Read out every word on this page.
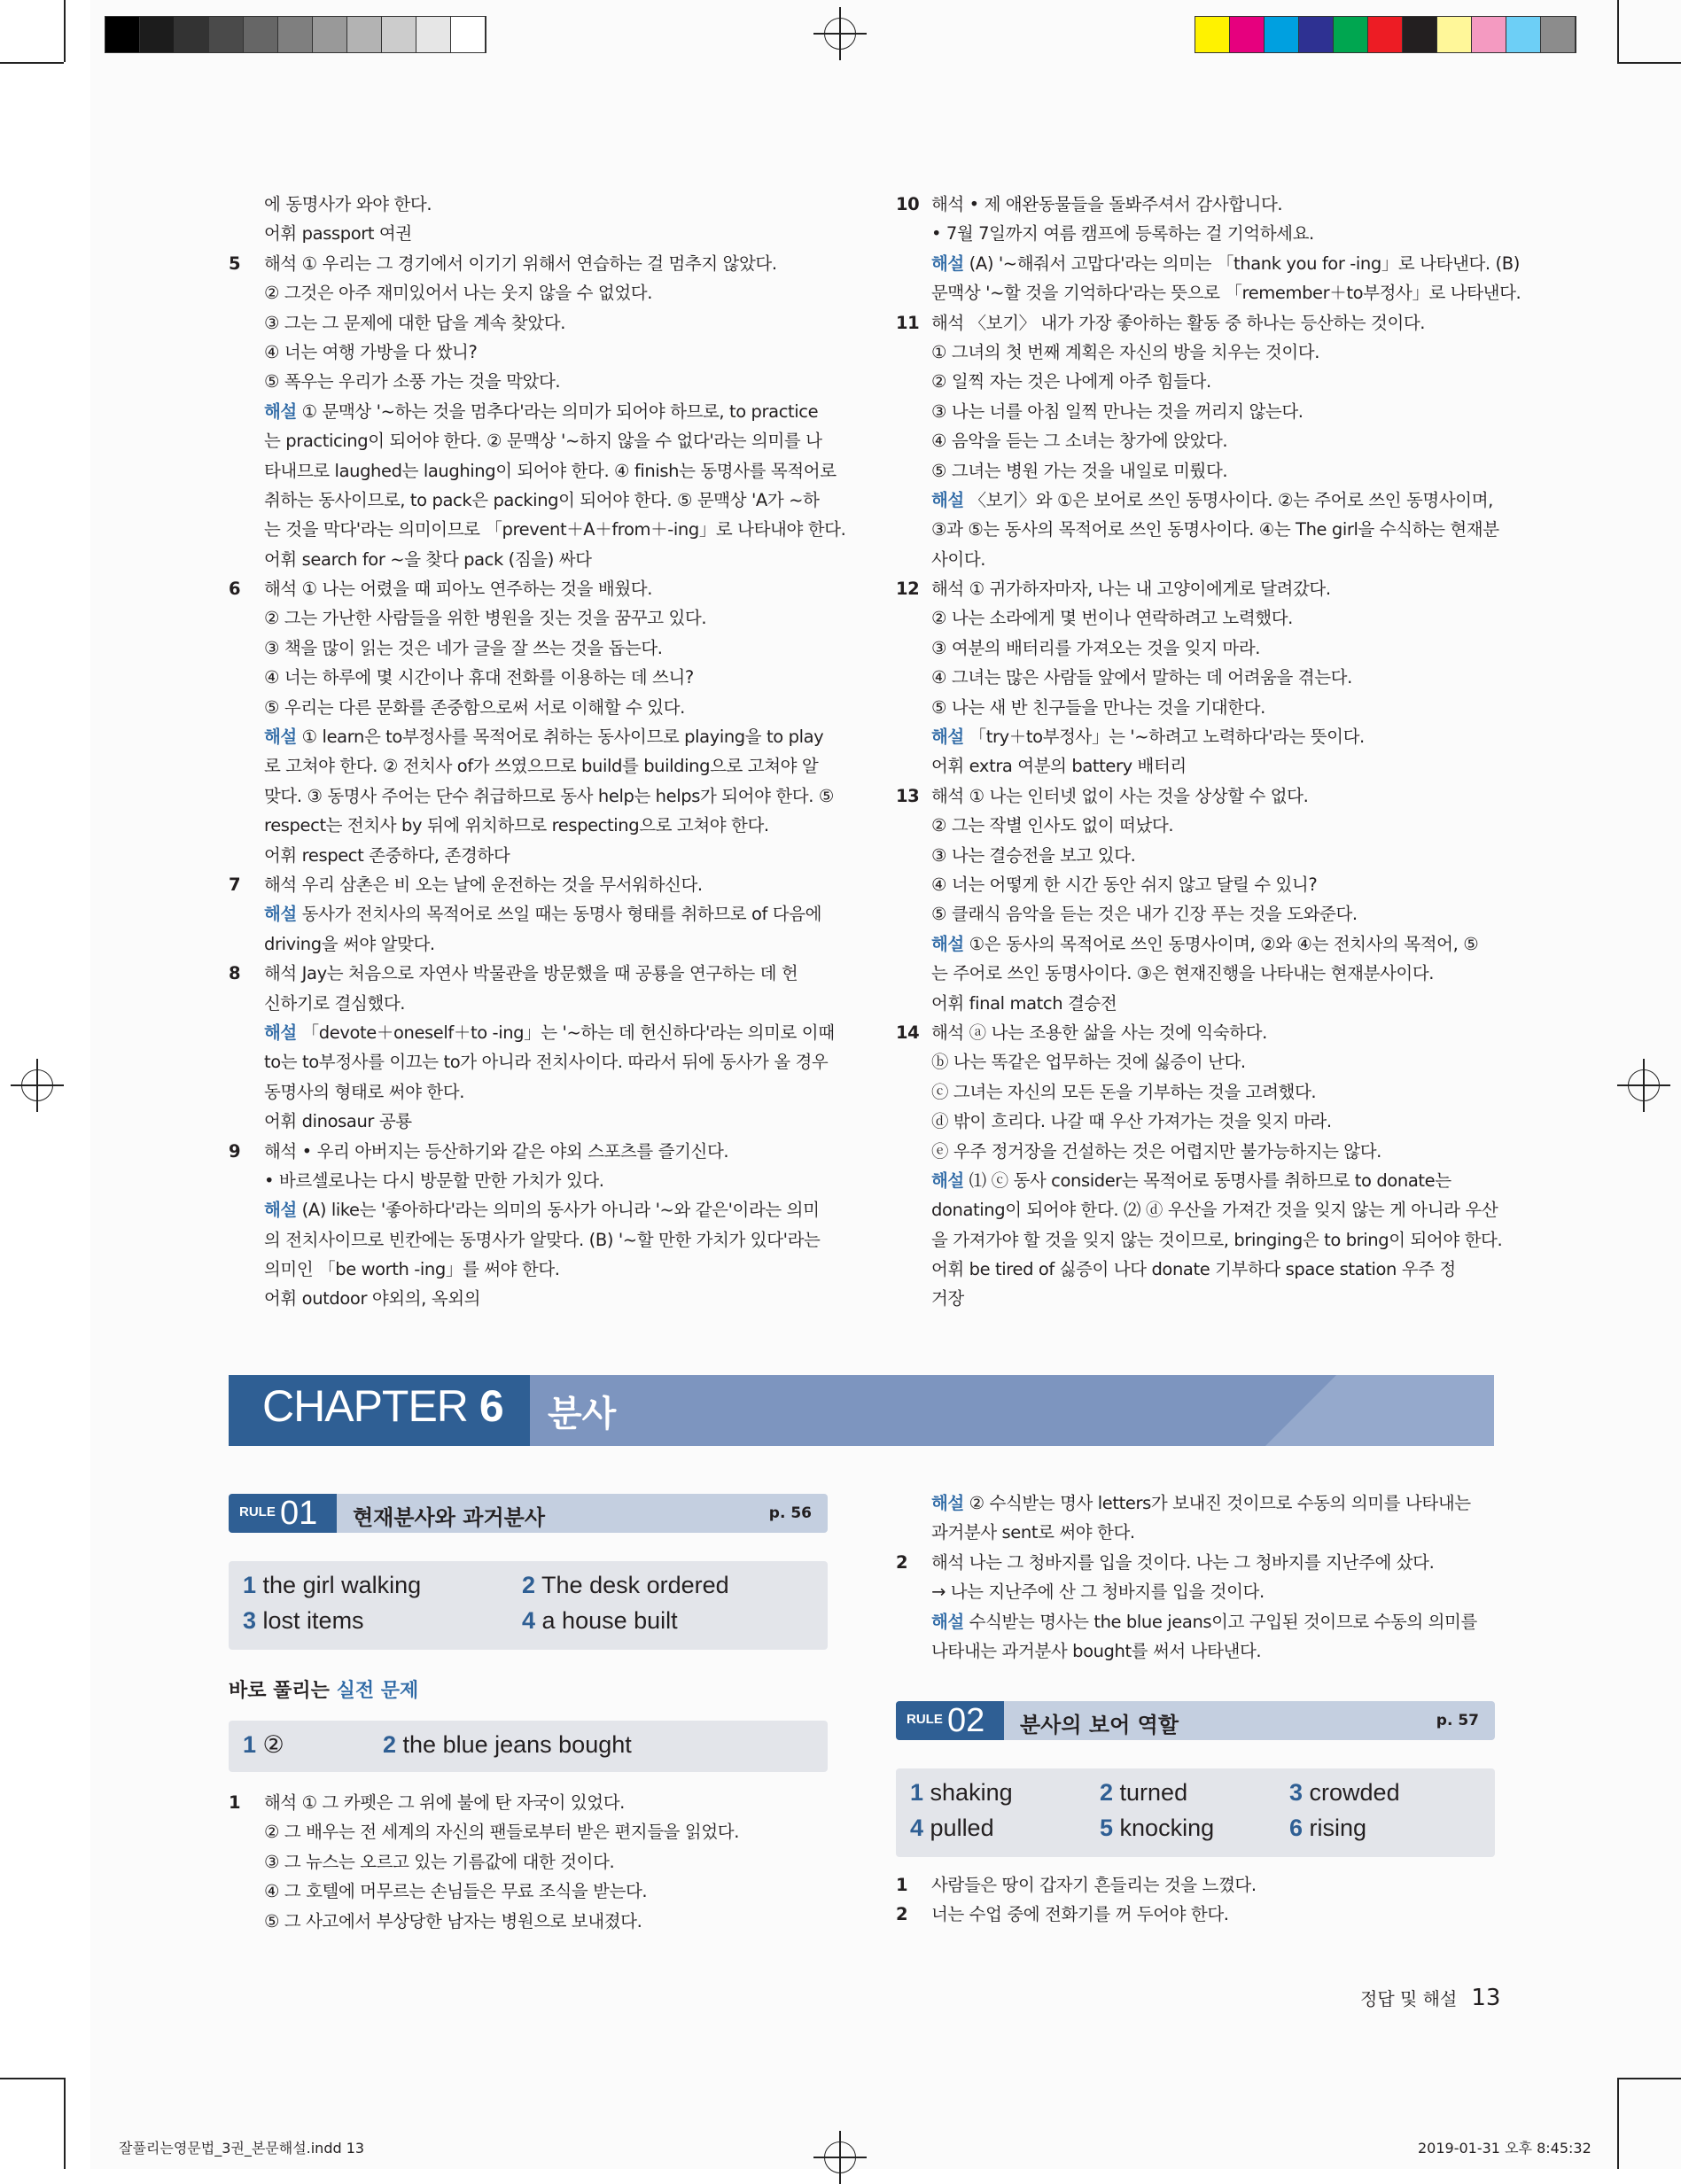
에 동명사가 와야 한다.
어휘 passport 여권
5 해석 ① 우리는 그 경기에서 이기기 위해서 연습하는 걸 멈추지 않았다.
② 그것은 아주 재미있어서 나는 웃지 않을 수 없었다.
③ 그는 그 문제에 대한 답을 계속 찾았다.
④ 너는 여행 가방을 다 쌌니?
⑤ 폭우는 우리가 소풍 가는 것을 막았다.
해설 ① 문맥상 '~하는 것을 멈추다'라는 의미가 되어야 하므로, to practice
는 practicing이 되어야 한다. ② 문맥상 '~하지 않을 수 없다'라는 의미를 나
타내므로 laughed는 laughing이 되어야 한다. ④ finish는 동명사를 목적어로
취하는 동사이므로, to pack은 packing이 되어야 한다. ⑤ 문맥상 'A가 ~하
는 것을 막다'라는 의미이므로 「prevent＋A＋from＋-ing」로 나타내야 한다.
어휘 search for ~을 찾다 pack (짐을) 싸다
6 해석 ① 나는 어렸을 때 피아노 연주하는 것을 배웠다.
② 그는 가난한 사람들을 위한 병원을 짓는 것을 꿈꾸고 있다.
③ 책을 많이 읽는 것은 네가 글을 잘 쓰는 것을 돕는다.
④ 너는 하루에 몇 시간이나 휴대 전화를 이용하는 데 쓰니?
⑤ 우리는 다른 문화를 존중함으로써 서로 이해할 수 있다.
해설 ① learn은 to부정사를 목적어로 취하는 동사이므로 playing을 to play
로 고쳐야 한다. ② 전치사 of가 쓰였으므로 build를 building으로 고쳐야 알
맞다. ③ 동명사 주어는 단수 취급하므로 동사 help는 helps가 되어야 한다. ⑤
respect는 전치사 by 뒤에 위치하므로 respecting으로 고쳐야 한다.
어휘 respect 존중하다, 존경하다
7 해석 우리 삼촌은 비 오는 날에 운전하는 것을 무서워하신다.
해설 동사가 전치사의 목적어로 쓰일 때는 동명사 형태를 취하므로 of 다음에
driving을 써야 알맞다.
8 해석 Jay는 처음으로 자연사 박물관을 방문했을 때 공룡을 연구하는 데 헌
신하기로 결심했다.
해설 「devote＋oneself＋to -ing」는 '~하는 데 헌신하다'라는 의미로 이때
to는 to부정사를 이끄는 to가 아니라 전치사이다. 따라서 뒤에 동사가 올 경우
동명사의 형태로 써야 한다.
어휘 dinosaur 공룡
9 해석 • 우리 아버지는 등산하기와 같은 야외 스포츠를 즐기신다.
• 바르셀로나는 다시 방문할 만한 가치가 있다.
해설 (A) like는 '좋아하다'라는 의미의 동사가 아니라 '~와 같은'이라는 의미
의 전치사이므로 빈칸에는 동명사가 알맞다. (B) '~할 만한 가치가 있다'라는
의미인 「be worth -ing」를 써야 한다.
어휘 outdoor 야외의, 옥외의
10 해석 • 제 애완동물들을 돌봐주셔서 감사합니다.
• 7월 7일까지 여름 캠프에 등록하는 걸 기억하세요.
해설 (A) '~해줘서 고맙다'라는 의미는 「thank you for -ing」로 나타낸다. (B)
문맥상 '~할 것을 기억하다'라는 뜻으로 「remember＋to부정사」로 나타낸다.
11 해석 〈보기〉 내가 가장 좋아하는 활동 중 하나는 등산하는 것이다.
① 그녀의 첫 번째 계획은 자신의 방을 치우는 것이다.
② 일찍 자는 것은 나에게 아주 힘들다.
③ 나는 너를 아침 일찍 만나는 것을 꺼리지 않는다.
④ 음악을 듣는 그 소녀는 창가에 앉았다.
⑤ 그녀는 병원 가는 것을 내일로 미뤘다.
해설 〈보기〉와 ①은 보어로 쓰인 동명사이다. ②는 주어로 쓰인 동명사이며,
③과 ⑤는 동사의 목적어로 쓰인 동명사이다. ④는 The girl을 수식하는 현재분
사이다.
12 해석 ① 귀가하자마자, 나는 내 고양이에게로 달려갔다.
② 나는 소라에게 몇 번이나 연락하려고 노력했다.
③ 여분의 배터리를 가져오는 것을 잊지 마라.
④ 그녀는 많은 사람들 앞에서 말하는 데 어려움을 겪는다.
⑤ 나는 새 반 친구들을 만나는 것을 기대한다.
해설 「try＋to부정사」는 '~하려고 노력하다'라는 뜻이다.
어휘 extra 여분의 battery 배터리
13 해석 ① 나는 인터넷 없이 사는 것을 상상할 수 없다.
② 그는 작별 인사도 없이 떠났다.
③ 나는 결승전을 보고 있다.
④ 너는 어떻게 한 시간 동안 쉬지 않고 달릴 수 있니?
⑤ 클래식 음악을 듣는 것은 내가 긴장 푸는 것을 도와준다.
해설 ①은 동사의 목적어로 쓰인 동명사이며, ②와 ④는 전치사의 목적어, ⑤
는 주어로 쓰인 동명사이다. ③은 현재진행을 나타내는 현재분사이다.
어휘 final match 결승전
14 해석 ⓐ 나는 조용한 삶을 사는 것에 익숙하다.
ⓑ 나는 똑같은 업무하는 것에 싫증이 난다.
ⓒ 그녀는 자신의 모든 돈을 기부하는 것을 고려했다.
ⓓ 밖이 흐리다. 나갈 때 우산 가져가는 것을 잊지 마라.
ⓔ 우주 정거장을 건설하는 것은 어렵지만 불가능하지는 않다.
해설 ⑴ ⓒ 동사 consider는 목적어로 동명사를 취하므로 to donate는
donating이 되어야 한다. ⑵ ⓓ 우산을 가져간 것을 잊지 않는 게 아니라 우산
을 가져가야 할 것을 잊지 않는 것이므로, bringing은 to bring이 되어야 한다.
어휘 be tired of 싫증이 나다 donate 기부하다 space station 우주 정
거장
CHAPTER 6 분사
RULE 01 현재분사와 과거분사	p. 56
1 the girl walking	2 The desk ordered
3 lost items	4 a house built
바로 풀리는 실전 문제
1 ②	2 the blue jeans bought
1 해석 ① 그 카펫은 그 위에 불에 탄 자국이 있었다.
② 그 배우는 전 세계의 자신의 팬들로부터 받은 편지들을 읽었다.
③ 그 뉴스는 오르고 있는 기름값에 대한 것이다.
④ 그 호텔에 머무르는 손님들은 무료 조식을 받는다.
⑤ 그 사고에서 부상당한 남자는 병원으로 보내졌다.
해설 ② 수식받는 명사 letters가 보내진 것이므로 수동의 의미를 나타내는
과거분사 sent로 써야 한다.
2 해석 나는 그 청바지를 입을 것이다. 나는 그 청바지를 지난주에 샀다.
→ 나는 지난주에 산 그 청바지를 입을 것이다.
해설 수식받는 명사는 the blue jeans이고 구입된 것이므로 수동의 의미를
나타내는 과거분사 bought를 써서 나타낸다.
RULE 02 분사의 보어 역할	p. 57
1 shaking	2 turned	3 crowded
4 pulled	5 knocking	6 rising
1 사람들은 땅이 갑자기 흔들리는 것을 느꼈다.
2 너는 수업 중에 전화기를 꺼 두어야 한다.
정답 및 해설 13
잘풀리는영문법_3권_본문해설.indd 13	2019-01-31 오후 8:45:32
